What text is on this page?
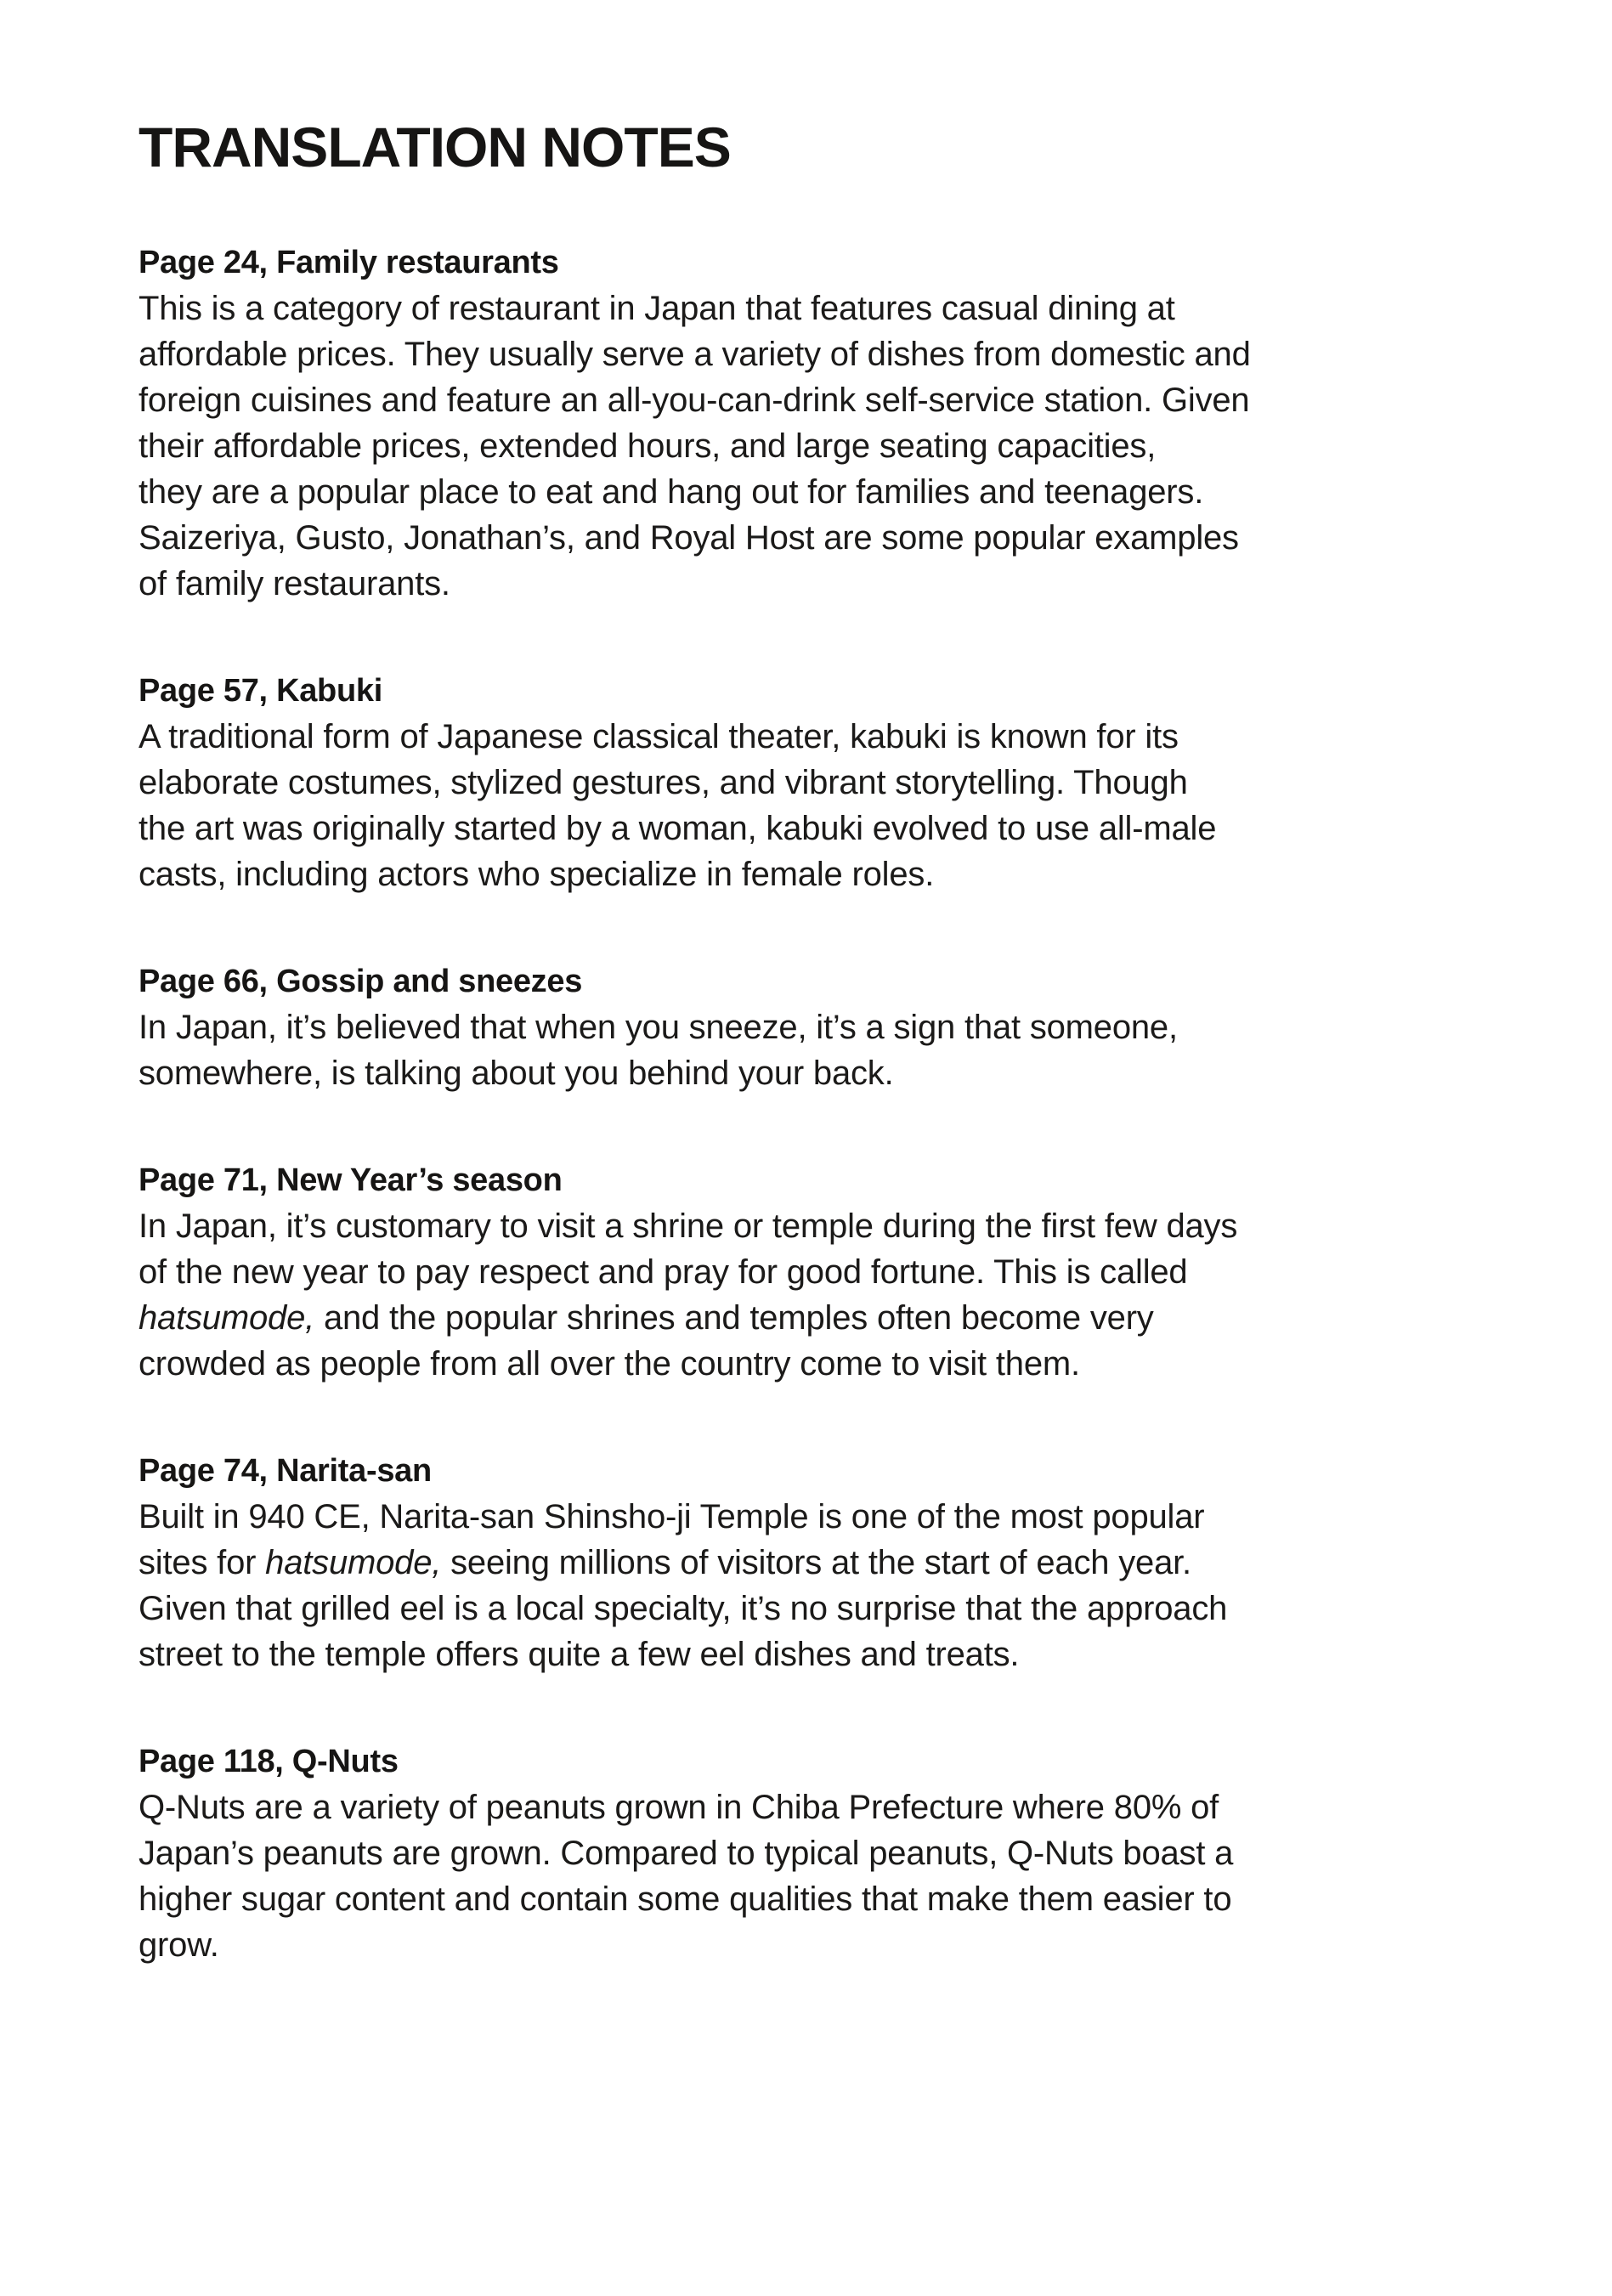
TRANSLATION NOTES
Page 24, Family restaurants
This is a category of restaurant in Japan that features casual dining at
affordable prices. They usually serve a variety of dishes from domestic and
foreign cuisines and feature an all-you-can-drink self-service station. Given
their affordable prices, extended hours, and large seating capacities,
they are a popular place to eat and hang out for families and teenagers.
Saizeriya, Gusto, Jonathan’s, and Royal Host are some popular examples
of family restaurants.
Page 57, Kabuki
A traditional form of Japanese classical theater, kabuki is known for its
elaborate costumes, stylized gestures, and vibrant storytelling. Though
the art was originally started by a woman, kabuki evolved to use all-male
casts, including actors who specialize in female roles.
Page 66, Gossip and sneezes
In Japan, it’s believed that when you sneeze, it’s a sign that someone,
somewhere, is talking about you behind your back.
Page 71, New Year’s season
In Japan, it’s customary to visit a shrine or temple during the first few days
of the new year to pay respect and pray for good fortune. This is called
hatsumode, and the popular shrines and temples often become very
crowded as people from all over the country come to visit them.
Page 74, Narita-san
Built in 940 CE, Narita-san Shinsho-ji Temple is one of the most popular
sites for hatsumode, seeing millions of visitors at the start of each year.
Given that grilled eel is a local specialty, it’s no surprise that the approach
street to the temple offers quite a few eel dishes and treats.
Page 118, Q-Nuts
Q-Nuts are a variety of peanuts grown in Chiba Prefecture where 80% of
Japan’s peanuts are grown. Compared to typical peanuts, Q-Nuts boast a
higher sugar content and contain some qualities that make them easier to
grow.
